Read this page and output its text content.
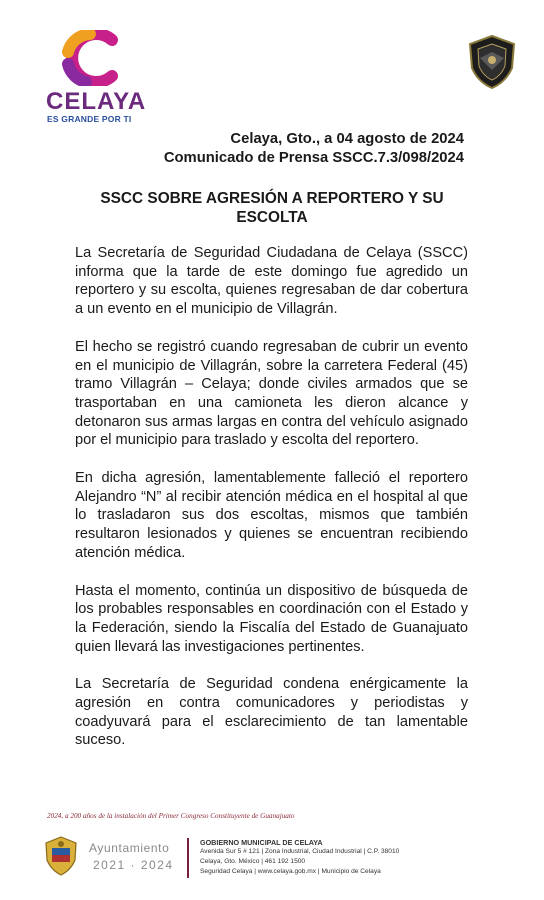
CELAYA
ES GRANDE POR TI
Celaya, Gto., a 04 agosto de 2024
Comunicado de Prensa SSCC.7.3/098/2024
SSCC SOBRE AGRESIÓN A REPORTERO Y SU ESCOLTA

La Secretaría de Seguridad Ciudadana de Celaya (SSCC) informa que la tarde de este domingo fue agredido un reportero y su escolta, quienes regresaban de dar cobertura a un evento en el municipio de Villagrán.

El hecho se registró cuando regresaban de cubrir un evento en el municipio de Villagrán, sobre la carretera Federal (45) tramo Villagrán – Celaya; donde civiles armados que se trasportaban en una camioneta les dieron alcance y detonaron sus armas largas en contra del vehículo asignado por el municipio para traslado y escolta del reportero.

En dicha agresión, lamentablemente falleció el reportero Alejandro “N” al recibir atención médica en el hospital al que lo trasladaron sus dos escoltas, mismos que también resultaron lesionados y quienes se encuentran recibiendo atención médica.

Hasta el momento, continúa un dispositivo de búsqueda de los probables responsables en coordinación con el Estado y la Federación, siendo la Fiscalía del Estado de Guanajuato quien llevará las investigaciones pertinentes.

La Secretaría de Seguridad condena enérgicamente la agresión en contra comunicadores y periodistas y coadyuvará para el esclarecimiento de tan lamentable suceso.

2024, a 200 años de la instalación del Primer Congreso Constituyente de Guanajuato
Ayuntamiento
2021 · 2024
GOBIERNO MUNICIPAL DE CELAYA
Avenida Sur 5 # 121 | Zona Industrial, Ciudad Industrial | C.P. 38010
Celaya, Gto. México | 461 192 1500
Seguridad Celaya | www.celaya.gob.mx | Municipio de Celaya
